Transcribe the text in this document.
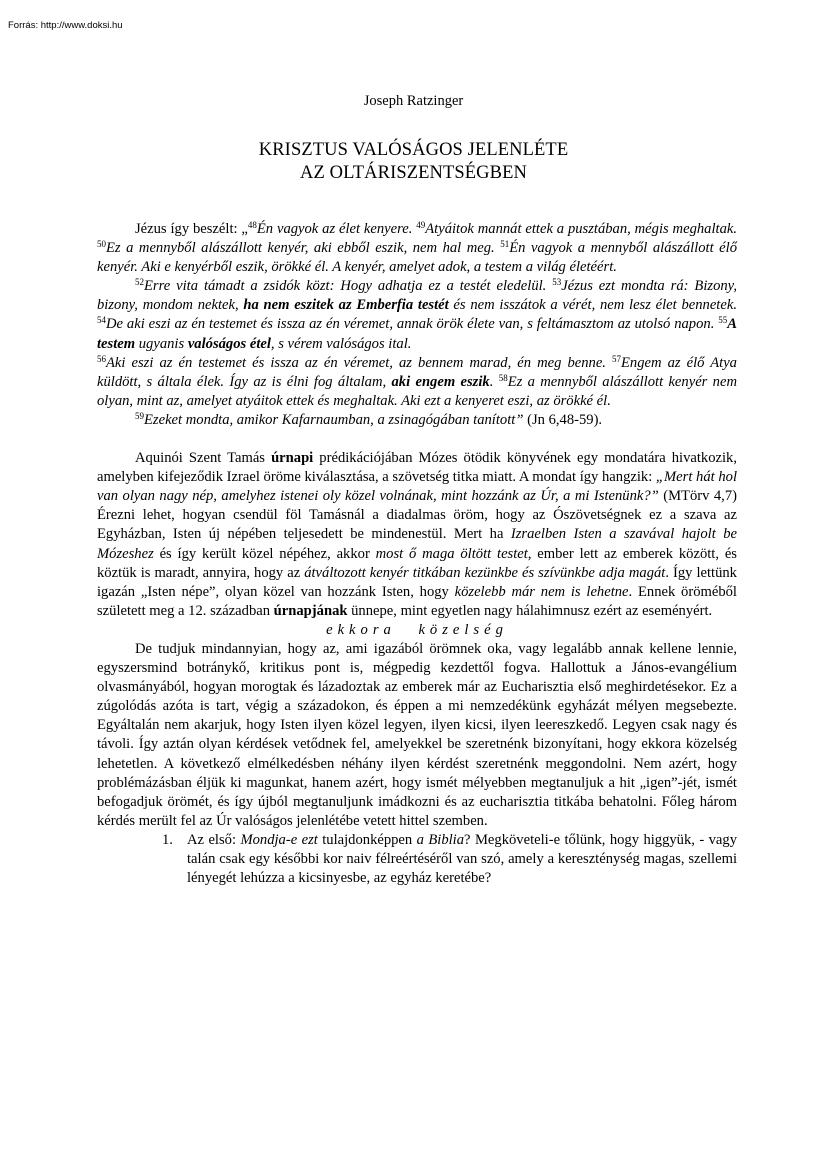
Forrás: http://www.doksi.hu
Joseph Ratzinger
KRISZTUS VALÓSÁGOS JELENLÉTE
AZ OLTÁRISZENTSÉGBEN

Jézus így beszélt: „$^{48}$Én vagyok az élet kenyere. $^{49}$Atyáitok mannát ettek a pusztában, mégis meghaltak. $^{50}$Ez a mennyből alászállott kenyér, aki ebből eszik, nem hal meg. $^{51}$Én vagyok a mennyből alászállott élő kenyér. Aki e kenyérből eszik, örökké él. A kenyér, amelyet adok, a testem a világ életéért.

$^{52}$Erre vita támadt a zsidók közt: Hogy adhatja ez a testét eledelül. $^{53}$Jézus ezt mondta rá: Bizony, bizony, mondom nektek, ha nem eszitek az Emberfia testét és nem isszátok a vérét, nem lesz élet bennetek. $^{54}$De aki eszi az én testemet és issza az én véremet, annak örök élete van, s feltámasztom az utolsó napon. $^{55}$A testem ugyanis valóságos étel, s vérem valóságos ital.
$^{56}$Aki eszi az én testemet és issza az én véremet, az bennem marad, én meg benne. $^{57}$Engem az élő Atya küldött, s általa élek. Így az is élni fog általam, aki engem eszik. $^{58}$Ez a mennyből alászállott kenyér nem olyan, mint az, amelyet atyáitok ettek és meghaltak. Aki ezt a kenyeret eszi, az örökké él.

$^{59}$Ezeket mondta, amikor Kafarnaumban, a zsinagógában tanított” (Jn 6,48-59).

Aquinói Szent Tamás úrnapi prédikációjában Mózes ötödik könyvének egy mondatára hivatkozik, amelyben kifejeződik Izrael öröme kiválasztása, a szövetség titka miatt. A mondat így hangzik: „Mert hát hol van olyan nagy nép, amelyhez istenei oly közel volnának, mint hozzánk az Úr, a mi Istenünk?” (MTörv 4,7) Érezni lehet, hogyan csendül föl Tamásnál a diadalmas öröm, hogy az Ószövetségnek ez a szava az Egyházban, Isten új népében teljesedett be mindenestül. Mert ha Izraelben Isten a szavával hajolt be Mózeshez és így került közel népéhez, akkor most ő maga öltött testet, ember lett az emberek között, és köztük is maradt, annyira, hogy az átváltozott kenyér titkában kezünkbe és szívünkbe adja magát. Így lettünk igazán „Isten népe”, olyan közel van hozzánk Isten, hogy közelebb már nem is lehetne. Ennek öröméből született meg a 12. században úrnapjának ünnepe, mint egyetlen nagy hálahimnusz ezért az eseményért.

ekkora közelség

De tudjuk mindannyian, hogy az, ami igazából örömnek oka, vagy legalább annak kellene lennie, egyszersmind botránykő, kritikus pont is, mégpedig kezdettől fogva. Hallottuk a János-evangélium olvasmányából, hogyan morogtak és lázadoztak az emberek már az Eucharisztia első meghirdetésekor. Ez a zúgolódás azóta is tart, végig a századokon, és éppen a mi nemzedékünk egyházát mélyen megsebezte. Egyáltalán nem akarjuk, hogy Isten ilyen közel legyen, ilyen kicsi, ilyen leereszkedő. Legyen csak nagy és távoli. Így aztán olyan kérdések vetődnek fel, amelyekkel be szeretnénk bizonyítani, hogy ekkora közelség lehetetlen. A következő elmélkedésben néhány ilyen kérdést szeretnénk meggondolni. Nem azért, hogy problémázásban éljük ki magunkat, hanem azért, hogy ismét mélyebben megtanuljuk a hit „igen”-jét, ismét befogadjuk örömét, és így újból megtanuljunk imádkozni és az eucharisztia titkába behatolni. Főleg három kérdés merült fel az Úr valóságos jelenlétébe vetett hittel szemben.

1. Az első: Mondja-e ezt tulajdonképpen a Biblia? Megköveteli-e tőlünk, hogy higgyük, - vagy talán csak egy későbbi kor naiv félreértéséről van szó, amely a kereszténység magas, szellemi lényegét lehúzza a kicsinyesbe, az egyház keretébe?
